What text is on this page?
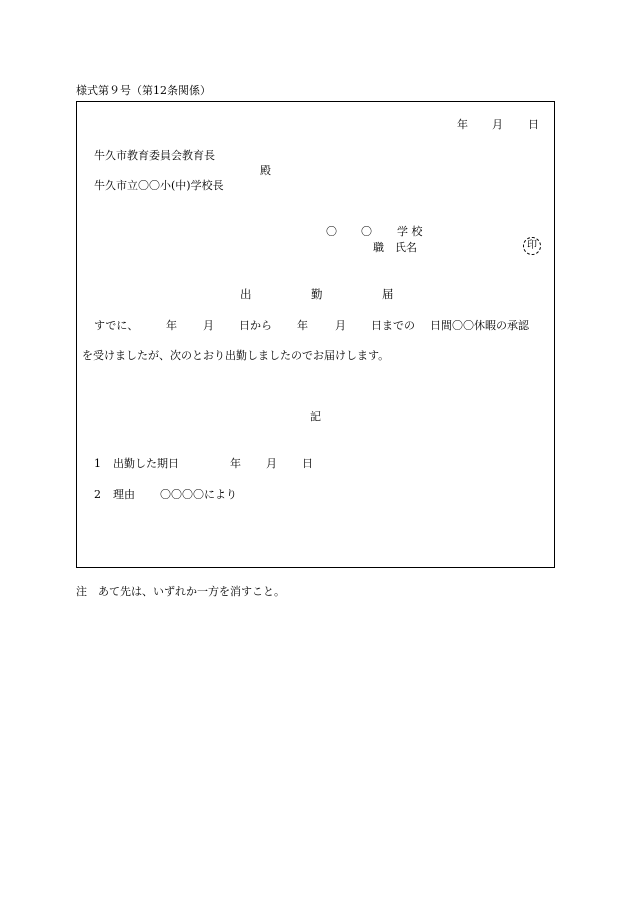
様式第９号（第12条関係）
年 月 日
牛久市教育委員会教育長
殿
牛久市立〇〇小(中)学校長
〇 〇 学 校
職　氏名	印
出	勤	届
すでに、	年 月 日から 年 月 日までの 日間〇〇休暇の承認
を受けましたが、次のとおり出勤しましたのでお届けします。
記
1 出勤した期日	年 月 日
2 理由 〇〇〇〇により
注　あて先は、いずれか一方を消すこと。
